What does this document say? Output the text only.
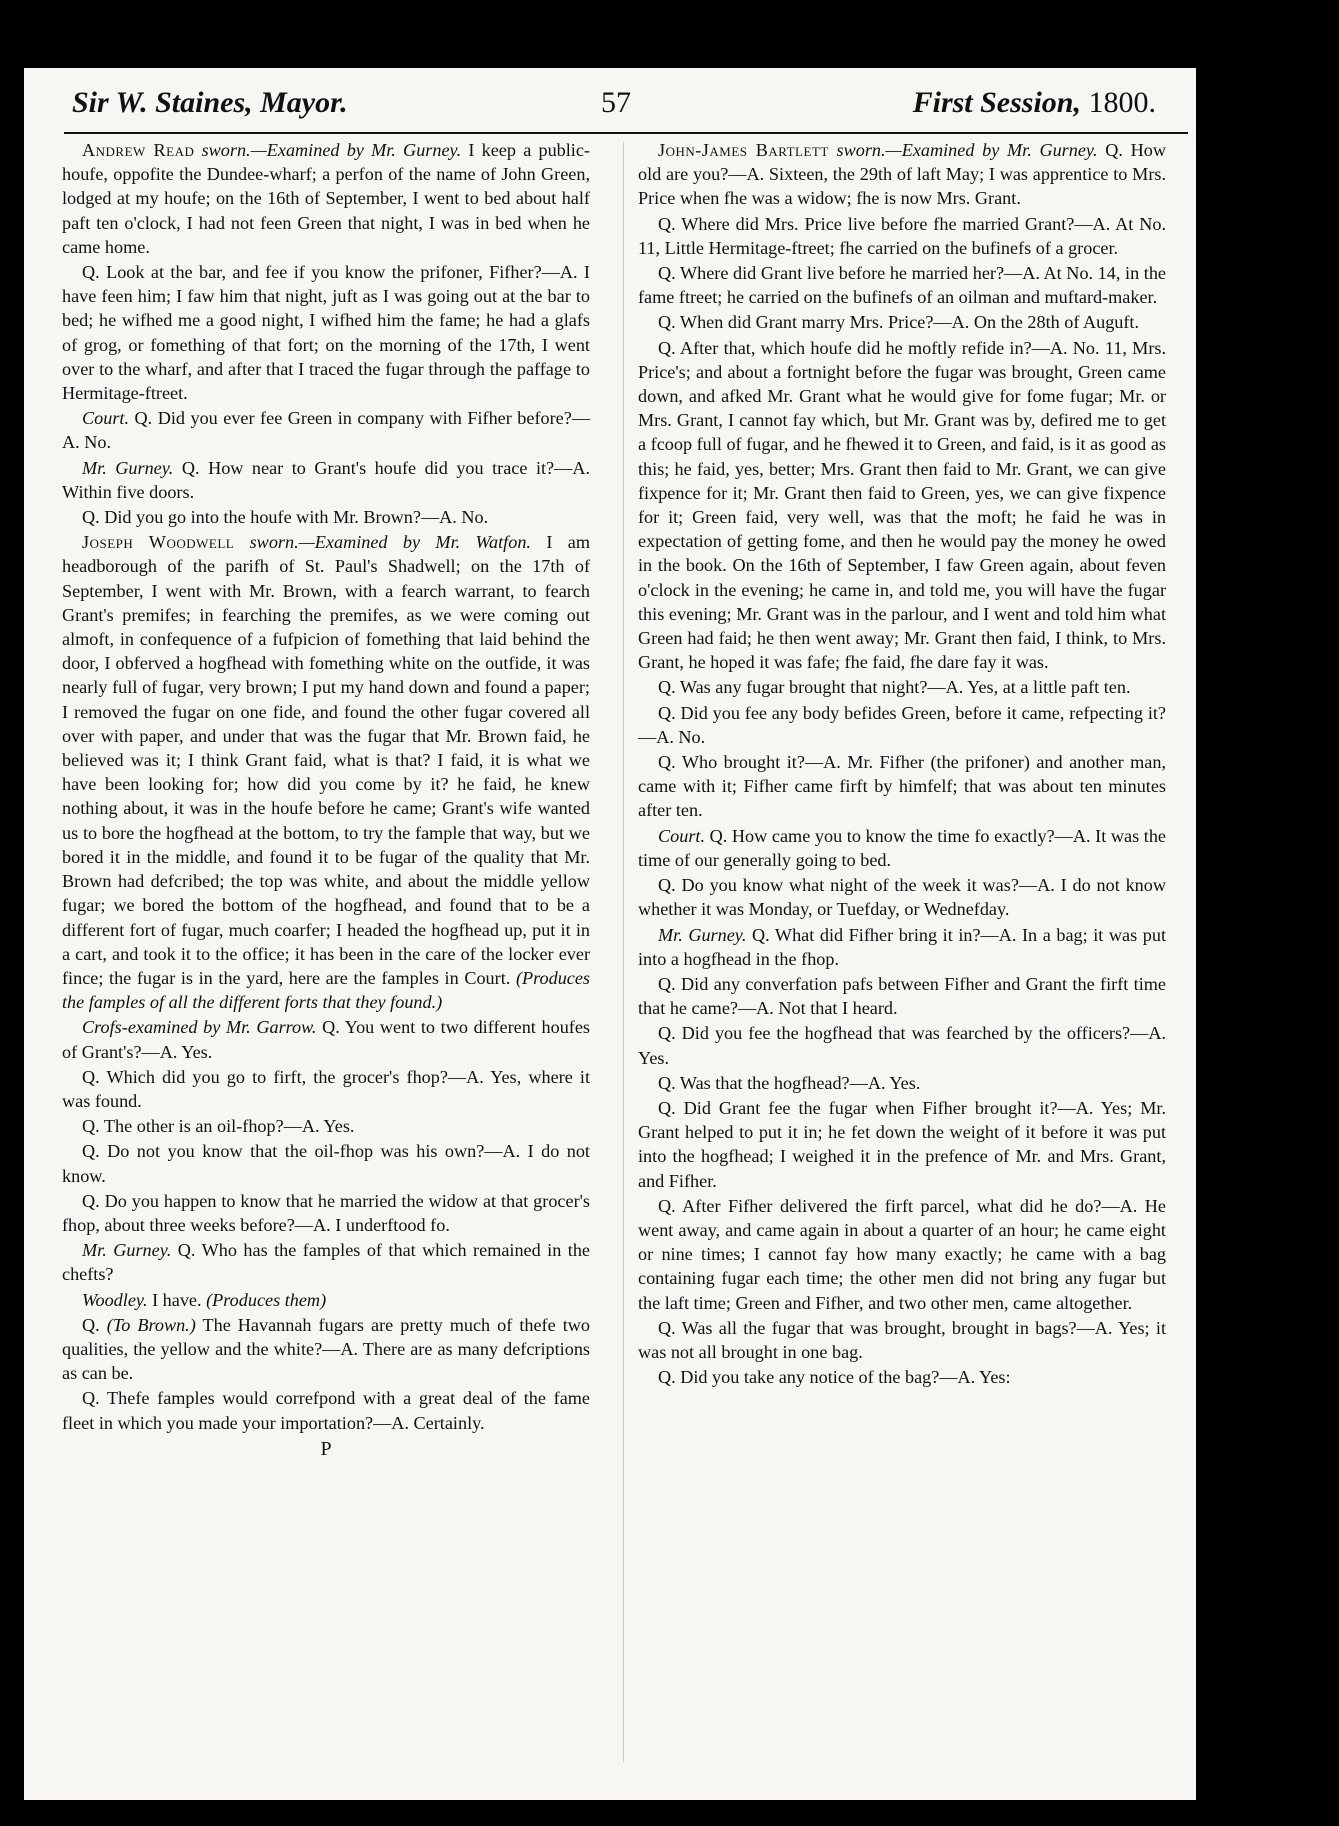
Sir W. Staines, Mayor.	57	First Session, 1800.

Andrew Read sworn.—Examined by Mr. Gurney. I keep a public-houfe, oppofite the Dundee-wharf; a perfon of the name of John Green, lodged at my houfe; on the 16th of September, I went to bed about half paft ten o'clock, I had not feen Green that night, I was in bed when he came home.

Q. Look at the bar, and fee if you know the prifoner, Fifher?—A. I have feen him; I faw him that night, juft as I was going out at the bar to bed; he wifhed me a good night, I wifhed him the fame; he had a glafs of grog, or fomething of that fort; on the morning of the 17th, I went over to the wharf, and after that I traced the fugar through the paffage to Hermitage-ftreet.

Court. Q. Did you ever fee Green in company with Fifher before?—A. No.

Mr. Gurney. Q. How near to Grant's houfe did you trace it?—A. Within five doors.

Q. Did you go into the houfe with Mr. Brown?—A. No.

Joseph Woodwell sworn.—Examined by Mr. Watfon. I am headborough of the parifh of St. Paul's Shadwell; on the 17th of September, I went with Mr. Brown, with a fearch warrant, to fearch Grant's premifes; in fearching the premifes, as we were coming out almoft, in confequence of a fufpicion of fomething that laid behind the door, I obferved a hogfhead with fomething white on the outfide, it was nearly full of fugar, very brown; I put my hand down and found a paper; I removed the fugar on one fide, and found the other fugar covered all over with paper, and under that was the fugar that Mr. Brown faid, he believed was it; I think Grant faid, what is that? I faid, it is what we have been looking for; how did you come by it? he faid, he knew nothing about, it was in the houfe before he came; Grant's wife wanted us to bore the hogfhead at the bottom, to try the fample that way, but we bored it in the middle, and found it to be fugar of the quality that Mr. Brown had defcribed; the top was white, and about the middle yellow fugar; we bored the bottom of the hogfhead, and found that to be a different fort of fugar, much coarfer; I headed the hogfhead up, put it in a cart, and took it to the office; it has been in the care of the locker ever fince; the fugar is in the yard, here are the famples in Court. (Produces the famples of all the different forts that they found.)

Crofs-examined by Mr. Garrow. Q. You went to two different houfes of Grant's?—A. Yes.

Q. Which did you go to firft, the grocer's fhop?—A. Yes, where it was found.

Q. The other is an oil-fhop?—A. Yes.

Q. Do not you know that the oil-fhop was his own?—A. I do not know.

Q. Do you happen to know that he married the widow at that grocer's fhop, about three weeks before?—A. I underftood fo.

Mr. Gurney. Q. Who has the famples of that which remained in the chefts?

Woodley. I have. (Produces them)

Q. (To Brown.) The Havannah fugars are pretty much of thefe two qualities, the yellow and the white?—A. There are as many defcriptions as can be.

Q. Thefe famples would correfpond with a great deal of the fame fleet in which you made your importation?—A. Certainly.

P

John-James Bartlett sworn.—Examined by Mr. Gurney. Q. How old are you?—A. Sixteen, the 29th of laft May; I was apprentice to Mrs. Price when fhe was a widow; fhe is now Mrs. Grant.

Q. Where did Mrs. Price live before fhe married Grant?—A. At No. 11, Little Hermitage-ftreet; fhe carried on the bufinefs of a grocer.

Q. Where did Grant live before he married her?—A. At No. 14, in the fame ftreet; he carried on the bufinefs of an oilman and muftard-maker.

Q. When did Grant marry Mrs. Price?—A. On the 28th of Auguft.

Q. After that, which houfe did he moftly refide in?—A. No. 11, Mrs. Price's; and about a fortnight before the fugar was brought, Green came down, and afked Mr. Grant what he would give for fome fugar; Mr. or Mrs. Grant, I cannot fay which, but Mr. Grant was by, defired me to get a fcoop full of fugar, and he fhewed it to Green, and faid, is it as good as this; he faid, yes, better; Mrs. Grant then faid to Mr. Grant, we can give fixpence for it; Mr. Grant then faid to Green, yes, we can give fixpence for it; Green faid, very well, was that the moft; he faid he was in expectation of getting fome, and then he would pay the money he owed in the book. On the 16th of September, I faw Green again, about feven o'clock in the evening; he came in, and told me, you will have the fugar this evening; Mr. Grant was in the parlour, and I went and told him what Green had faid; he then went away; Mr. Grant then faid, I think, to Mrs. Grant, he hoped it was fafe; fhe faid, fhe dare fay it was.

Q. Was any fugar brought that night?—A. Yes, at a little paft ten.

Q. Did you fee any body befides Green, before it came, refpecting it?—A. No.

Q. Who brought it?—A. Mr. Fifher (the prifoner) and another man, came with it; Fifher came firft by himfelf; that was about ten minutes after ten.

Court. Q. How came you to know the time fo exactly?—A. It was the time of our generally going to bed.

Q. Do you know what night of the week it was?—A. I do not know whether it was Monday, or Tuefday, or Wednefday.

Mr. Gurney. Q. What did Fifher bring it in?—A. In a bag; it was put into a hogfhead in the fhop.

Q. Did any converfation pafs between Fifher and Grant the firft time that he came?—A. Not that I heard.

Q. Did you fee the hogfhead that was fearched by the officers?—A. Yes.

Q. Was that the hogfhead?—A. Yes.

Q. Did Grant fee the fugar when Fifher brought it?—A. Yes; Mr. Grant helped to put it in; he fet down the weight of it before it was put into the hogfhead; I weighed it in the prefence of Mr. and Mrs. Grant, and Fifher.

Q. After Fifher delivered the firft parcel, what did he do?—A. He went away, and came again in about a quarter of an hour; he came eight or nine times; I cannot fay how many exactly; he came with a bag containing fugar each time; the other men did not bring any fugar but the laft time; Green and Fifher, and two other men, came altogether.

Q. Was all the fugar that was brought, brought in bags?—A. Yes; it was not all brought in one bag.

Q. Did you take any notice of the bag?—A. Yes:
